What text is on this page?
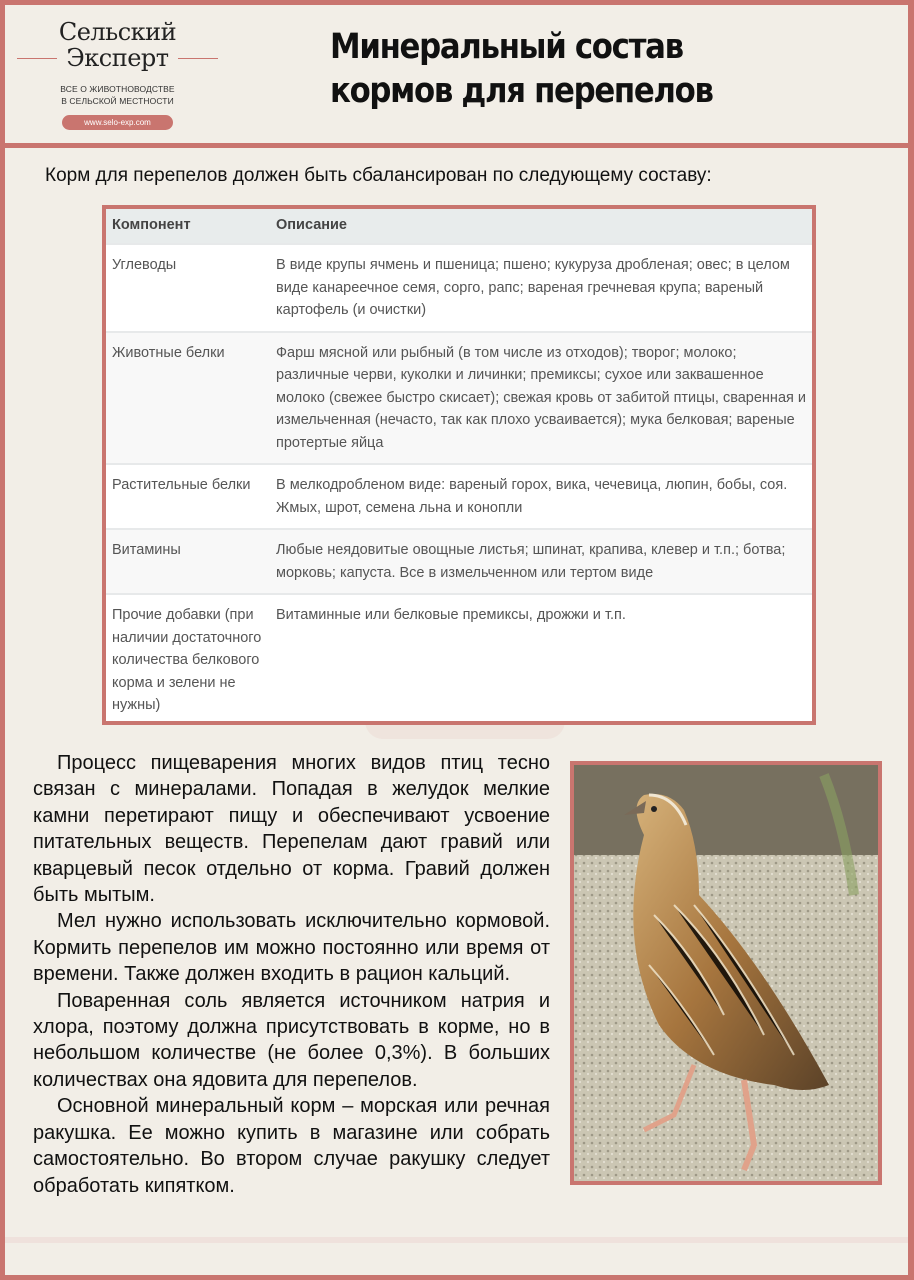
Сельский
Эксперт
ВСЕ О ЖИВОТНОВОДСТВЕ
В СЕЛЬСКОЙ МЕСТНОСТИ
www.selo-exp.com
Минеральный состав
кормов для перепелов
Корм для перепелов должен быть сбалансирован по следующему составу:
Компонент	Описание
Углеводы	В виде крупы ячмень и пшеница; пшено; кукуруза дробленая; овес; в целом виде канареечное семя, сорго, рапс; вареная гречневая крупа; вареный картофель (и очистки)
Животные белки	Фарш мясной или рыбный (в том числе из отходов); творог; молоко; различные черви, куколки и личинки; премиксы; сухое или заквашенное молоко (свежее быстро скисает); свежая кровь от забитой птицы, сваренная и измельченная (нечасто, так как плохо усваивается); мука белковая; вареные протертые яйца
Растительные белки	В мелкодробленом виде: вареный горох, вика, чечевица, люпин, бобы, соя. Жмых, шрот, семена льна и конопли
Витамины	Любые неядовитые овощные листья; шпинат, крапива, клевер и т.п.; ботва; морковь; капуста. Все в измельченном или тертом виде
Прочие добавки (при наличии достаточного количества белкового корма и зелени не нужны)	Витаминные или белковые премиксы, дрожжи и т.п.

Процесс пищеварения многих видов птиц тесно связан с минералами. Попадая в желудок мелкие камни перетирают пищу и обеспечивают усвоение питательных веществ. Перепелам дают гравий или кварцевый песок отдельно от корма. Гравий должен быть мытым.

Мел нужно использовать исключительно кормовой. Кормить перепелов им можно постоянно или время от времени. Также должен входить в рацион кальций.

Поваренная соль является источником натрия и хлора, поэтому должна присутствовать в корме, но в небольшом количестве (не более 0,3%). В больших количествах она ядовита для перепелов.

Основной минеральный корм – морская или речная ракушка. Ее можно купить в магазине или собрать самостоятельно. Во втором случае ракушку следует обработать кипятком.
